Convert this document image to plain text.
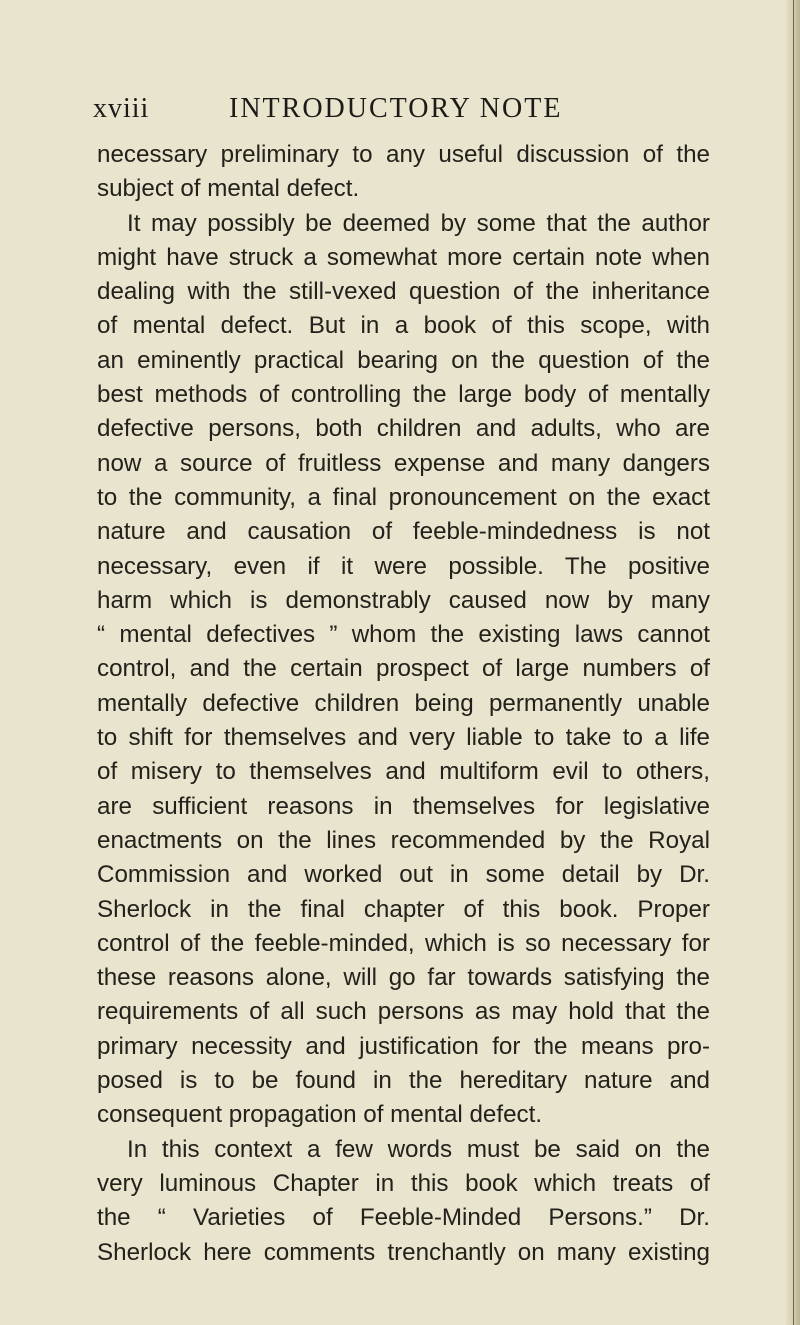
xviii	INTRODUCTORY NOTE
necessary preliminary to any useful discussion of the
subject of mental defect.
It may possibly be deemed by some that the author
might have struck a somewhat more certain note when
dealing with the still-vexed question of the inheritance
of mental defect. But in a book of this scope, with
an eminently practical bearing on the question of the
best methods of controlling the large body of mentally
defective persons, both children and adults, who are
now a source of fruitless expense and many dangers
to the community, a final pronouncement on the exact
nature and causation of feeble-mindedness is not
necessary, even if it were possible. The positive
harm which is demonstrably caused now by many
“ mental defectives ” whom the existing laws cannot
control, and the certain prospect of large numbers of
mentally defective children being permanently unable
to shift for themselves and very liable to take to a life
of misery to themselves and multiform evil to others,
are sufficient reasons in themselves for legislative
enactments on the lines recommended by the Royal
Commission and worked out in some detail by Dr.
Sherlock in the final chapter of this book. Proper
control of the feeble-minded, which is so necessary for
these reasons alone, will go far towards satisfying the
requirements of all such persons as may hold that the
primary necessity and justification for the means pro-
posed is to be found in the hereditary nature and
consequent propagation of mental defect.
In this context a few words must be said on the
very luminous Chapter in this book which treats of
the “ Varieties of Feeble-Minded Persons.” Dr.
Sherlock here comments trenchantly on many existing
